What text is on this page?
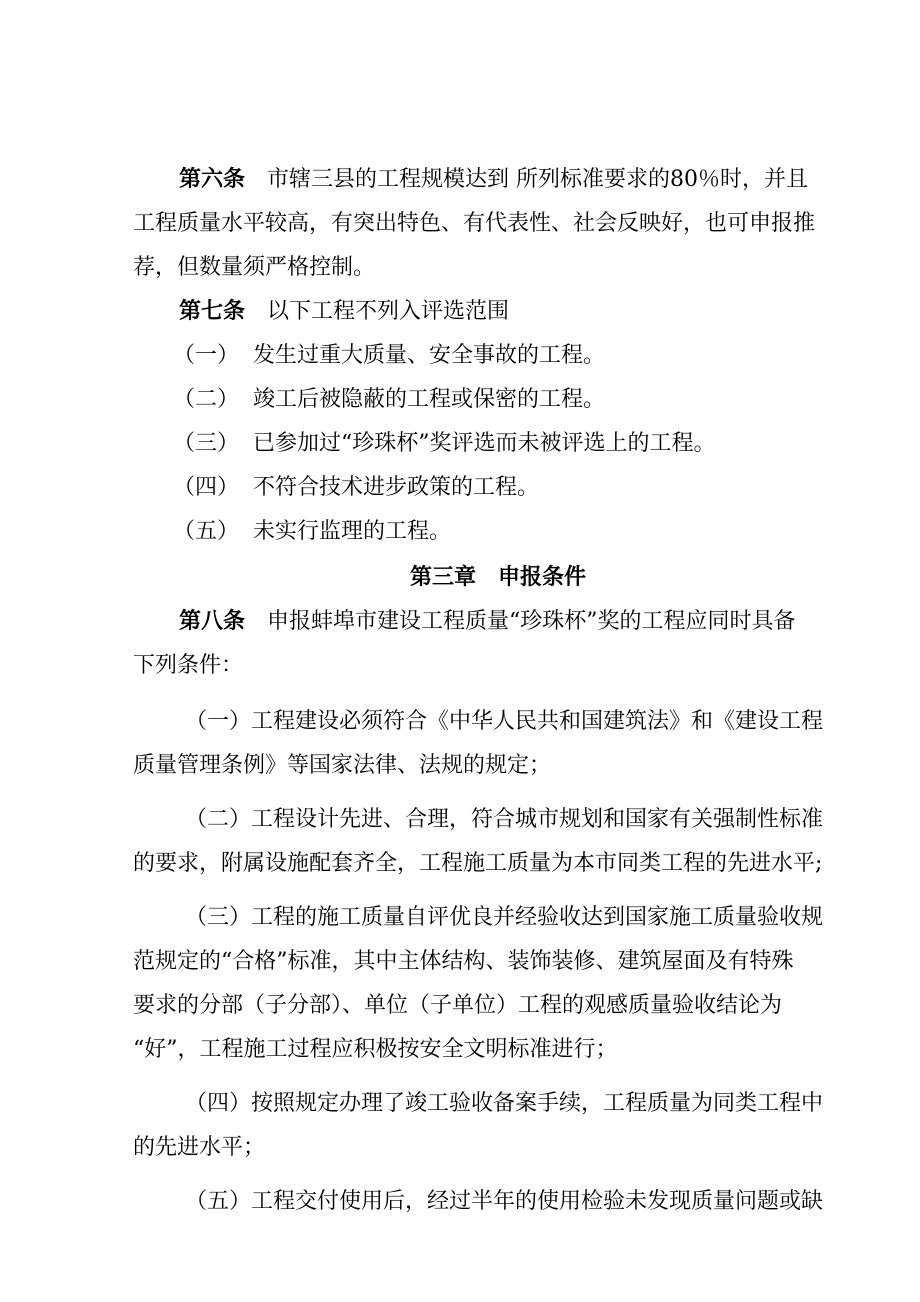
第六条 市辖三县的工程规模达到 所列标准要求的80％时，并且
工程质量水平较高，有突出特色、有代表性、社会反映好，也可申报推
荐，但数量须严格控制。
第七条 以下工程不列入评选范围
（一） 发生过重大质量、安全事故的工程。
（二） 竣工后被隐蔽的工程或保密的工程。
（三） 已参加过“珍珠杯”奖评选而未被评选上的工程。
（四） 不符合技术进步政策的工程。
（五） 未实行监理的工程。
第三章 申报条件
第八条 申报蚌埠市建设工程质量“珍珠杯”奖的工程应同时具备
下列条件：
（一）工程建设必须符合《中华人民共和国建筑法》和《建设工程
质量管理条例》等国家法律、法规的规定；
（二）工程设计先进、合理，符合城市规划和国家有关强制性标准
的要求，附属设施配套齐全，工程施工质量为本市同类工程的先进水平;
（三）工程的施工质量自评优良并经验收达到国家施工质量验收规
范规定的“合格”标准，其中主体结构、装饰装修、建筑屋面及有特殊
要求的分部（子分部）、单位（子单位）工程的观感质量验收结论为
“好”，工程施工过程应积极按安全文明标准进行；
（四）按照规定办理了竣工验收备案手续，工程质量为同类工程中
的先进水平；
（五）工程交付使用后，经过半年的使用检验未发现质量问题或缺
